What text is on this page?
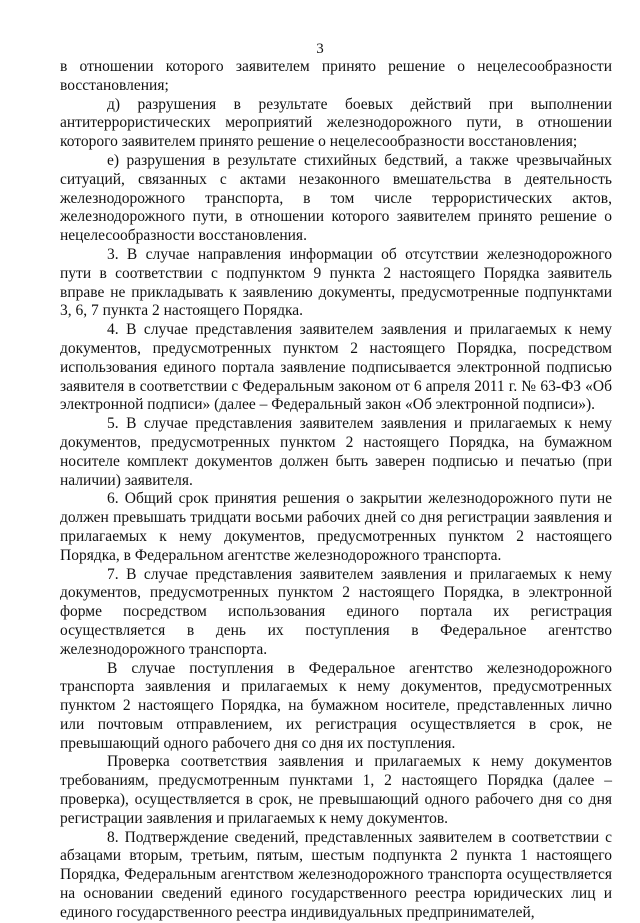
3

в отношении которого заявителем принято решение о нецелесообразности восстановления;

д) разрушения в результате боевых действий при выполнении антитеррористических мероприятий железнодорожного пути, в отношении которого заявителем принято решение о нецелесообразности восстановления;

е) разрушения в результате стихийных бедствий, а также чрезвычайных ситуаций, связанных с актами незаконного вмешательства в деятельность железнодорожного транспорта, в том числе террористических актов, железнодорожного пути, в отношении которого заявителем принято решение о нецелесообразности восстановления.

3. В случае направления информации об отсутствии железнодорожного пути в соответствии с подпунктом 9 пункта 2 настоящего Порядка заявитель вправе не прикладывать к заявлению документы, предусмотренные подпунктами 3, 6, 7 пункта 2 настоящего Порядка.

4. В случае представления заявителем заявления и прилагаемых к нему документов, предусмотренных пунктом 2 настоящего Порядка, посредством использования единого портала заявление подписывается электронной подписью заявителя в соответствии с Федеральным законом от 6 апреля 2011 г. № 63-ФЗ «Об электронной подписи» (далее – Федеральный закон «Об электронной подписи»).

5. В случае представления заявителем заявления и прилагаемых к нему документов, предусмотренных пунктом 2 настоящего Порядка, на бумажном носителе комплект документов должен быть заверен подписью и печатью (при наличии) заявителя.

6. Общий срок принятия решения о закрытии железнодорожного пути не должен превышать тридцати восьми рабочих дней со дня регистрации заявления и прилагаемых к нему документов, предусмотренных пунктом 2 настоящего Порядка, в Федеральном агентстве железнодорожного транспорта.

7. В случае представления заявителем заявления и прилагаемых к нему документов, предусмотренных пунктом 2 настоящего Порядка, в электронной форме посредством использования единого портала их регистрация осуществляется в день их поступления в Федеральное агентство железнодорожного транспорта.

В случае поступления в Федеральное агентство железнодорожного транспорта заявления и прилагаемых к нему документов, предусмотренных пунктом 2 настоящего Порядка, на бумажном носителе, представленных лично или почтовым отправлением, их регистрация осуществляется в срок, не превышающий одного рабочего дня со дня их поступления.

Проверка соответствия заявления и прилагаемых к нему документов требованиям, предусмотренным пунктами 1, 2 настоящего Порядка (далее – проверка), осуществляется в срок, не превышающий одного рабочего дня со дня регистрации заявления и прилагаемых к нему документов.

8. Подтверждение сведений, представленных заявителем в соответствии с абзацами вторым, третьим, пятым, шестым подпункта 2 пункта 1 настоящего Порядка, Федеральным агентством железнодорожного транспорта осуществляется на основании сведений единого государственного реестра юридических лиц и единого государственного реестра индивидуальных предпринимателей,
